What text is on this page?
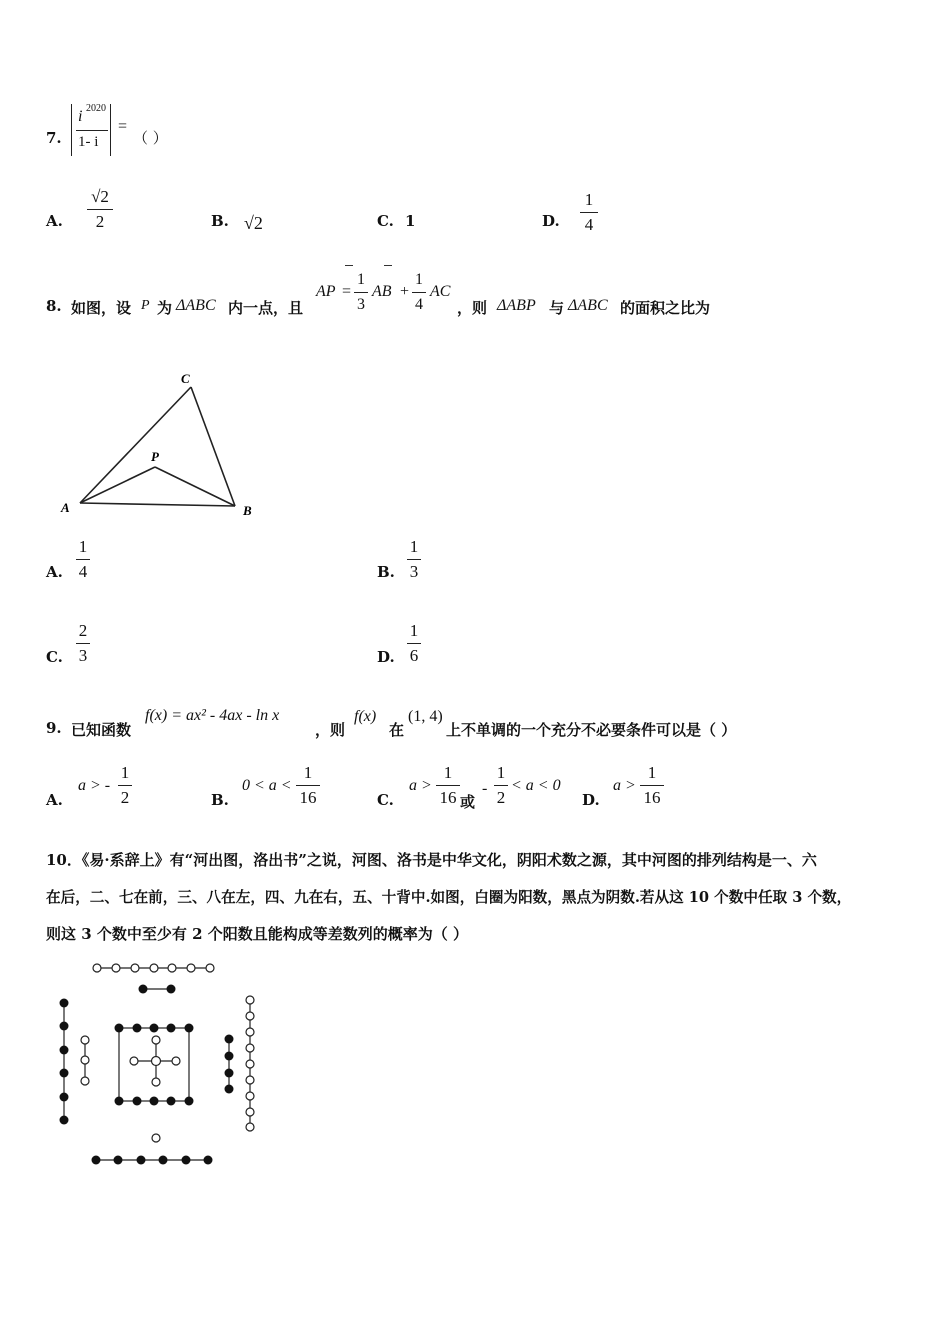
7.
i 2020
1- i
=
（ ）
A.
√2
2	B. √2	C. 1	D.
1
4
8. 如图，设 P 为 ΔABC 内一点，且
AP =
1
3
AB +
1
4
AC
，则 ΔABP 与 ΔABC 的面积之比为
A	B
C
P
A.
1
4	B.
1
3
C.
2
3	D.
1
6
9. 已知函数
f(x) = ax² - 4ax - ln x
，则
f(x)
在
(1, 4)
上不单调的一个充分不必要条件可以是（ ）
A.
a > -
1
2	B.
0 < a <
1
16	C.
a >
1
16 或
-
1
2
< a < 0
D.
a >
1
16
10．《易·系辞上》有“河出图，洛出书”之说，河图、洛书是中华文化，阴阳术数之源，其中河图的排列结构是一、六
在后，二、七在前，三、八在左，四、九在右，五、十背中.如图，白圈为阳数，黑点为阴数.若从这 10 个数中任取 3 个数，
则这 3 个数中至少有 2 个阳数且能构成等差数列的概率为（ ）
